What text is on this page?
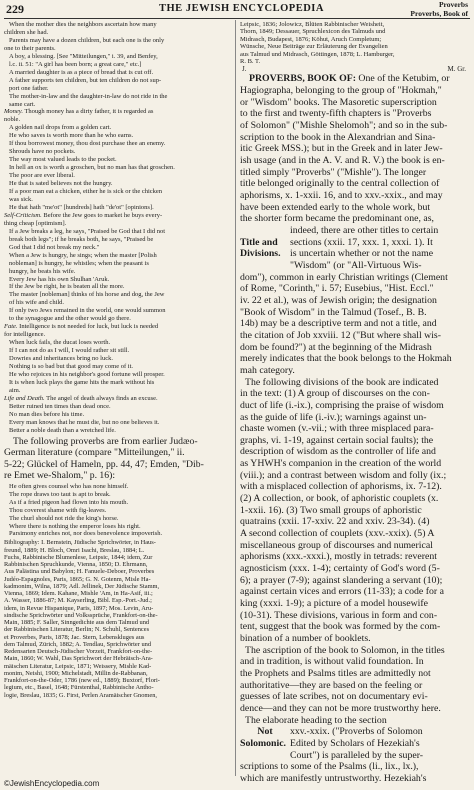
229	THE JEWISH ENCYCLOPEDIA	Proverbs
Proverbs, Book of

When the mother dies the neighbors ascertain how many

children she had.

Parents may have a dozen children, but each one is the only

one to their parents.

A boy, a blessing. [See "Mitteilungen," i. 39, and Benfey,

l.c. ii. 51: "A girl has been born; a great care," etc.]

A married daughter is as a piece of bread that is cut off.

A father supports ten children, but ten children do not sup-

port one father.

The mother-in-law and the daughter-in-law do not ride in the

same cart.

Money. Though money has a dirty father, it is regarded as

noble.

A golden nail drops from a golden cart.

He who saves is worth more than he who earns.

If thou borrowest money, thou dost purchase thee an enemy.

Shrouds have no pockets.

The way most valued leads to the pocket.

In hell an ox is worth a groschen, but no man has that groschen.

The poor are ever liberal.

He that is sated believes not the hungry.

If a poor man eat a chicken, either he is sick or the chicken

was sick.

He that hath "me'ot" [hundreds] hath "de'ot" [opinions].

Self-Criticism. Before the Jew goes to market he buys every-

thing cheap [optimism].

If a Jew breaks a leg, he says, "Praised be God that I did not

break both legs"; if he breaks both, he says, "Praised be

God that I did not break my neck."

When a Jew is hungry, he sings; when the master [Polish

nobleman] is hungry, he whistles; when the peasant is

hungry, he beats his wife.

Every Jew has his own Shulhan 'Aruk.

If the Jew be right, he is beaten all the more.

The master [nobleman] thinks of his horse and dog, the Jew

of his wife and child.

If only two Jews remained in the world, one would summon

to the synagogue and the other would go there.

Fate. Intelligence is not needed for luck, but luck is needed

for intelligence.

When luck fails, the ducat loses worth.

If I can not do as I will, I would rather sit still.

Dowries and inheritances bring no luck.

Nothing is so bad but that good may come of it.

He who rejoices in his neighbor's good fortune will prosper.

It is when luck plays the game hits the mark without his

aim.

Life and Death. The angel of death always finds an excuse.

Better ruined ten times than dead once.

No man dies before his time.

Every man knows that he must die, but no one believes it.

Better a noble death than a wretched life.

The following proverbs are from earlier Judæo-

German literature (compare "Mitteilungen," ii.

5-22; Glückel of Hameln, pp. 44, 47; Emden, "Dib-

re Emet we-Shalom," p. 16):

He often gives counsel who has none himself.

The rope draws too taut is apt to break.

As if a fried pigeon had flown into his mouth.

Thou coverest shame with fig-leaves.

The churl should not ride the king's horse.

Where there is nothing the emperor loses his right.

Parsimony enriches not, nor does benevolence impoverish.

Bibliography: I. Bernstein, Jüdische Sprichwörter, in Haus-

freund, 1889; H. Bloch, Omri Isachi, Breslau, 1884; L.

Fuchs, Rabbinische Blumenlese, Leipsic, 1844; idem, Zur

Rabbinischen Spruchkunde, Vienna, 1850; D. Ehrmann,

Aus Palästina und Babylon; H. Fanuele-Deboer, Proverbes

Judéo-Espagnoles, Paris, 1865; G. N. Gotenm, Misle Ha-

kadmonim, Wilna, 1879; Adl. Jellinek, Der Jüdische Stamm,

Vienna, 1869; Idem. Kahane, Mishle 'Am, in Ha-Asif, iii.;

A. Wasser, 1886-87; M. Kayserling, Bibl. Esp.-Port.-Jud.;

idem, in Revue Hispanique, Paris, 1897; Mos. Levin, Aru-

sindische Sprichwörter und Volkssprüche, Frankfort-on-the-

Main, 1885; F. Saller, Sinngedichte aus dem Talmud und

der Rabbinischen Literatur, Berlin; N. Schuhl, Sentences

et Proverbes, Paris, 1878; Jac. Stern, Lebenskluges aus

dem Talmud, Zürich, 1882; A. Tendlau, Sprichwörter und

Redensarten Deutsch-Jüdischer Vorzeit, Frankfort-on-the-

Main, 1860; W. Wahl, Das Sprichwort der Hebräisch-Ara-

mäischen Literatur, Leipsic, 1871; Weissery, Mishle Kad-

monim, Neishi, 1900; Michelstadt, Millin de-Rabbanan,

Frankfort-on-the-Oder, 1786 (new ed., 1889); Buxtorf, Flori-

legium, etc., Basel, 1648; Fürstenthal, Rabbinische Antho-

logie, Breslau, 1835; G. First, Perlen Aramäischer Gnomen,

Leipsic, 1836; Jolowicz, Blüten Rabbinischer Weisheit,

Thorn, 1849; Dessauer, Spruchlexicon des Talmuds und

Midrasch, Budapest, 1876; Köhut, Aruch Completum;

Wünsche, Neue Beiträge zur Erläuterung der Evangelien

aus Talmud und Midrasch, Göttingen, 1878; L. Hamburger,

R. B. T.

J.	M. Gr.

PROVERBS, BOOK OF: One of the Ketubim, or

Hagiographa, belonging to the group of "Hokmah,"

or "Wisdom" books. The Masoretic superscription

to the first and twenty-fifth chapters is "Proverbs

of Solomon" ("Mishle Shelomoh"; and so in the sub-

scription to the book in the Alexandrian and Sina-

itic Greek MSS.); but in the Greek and in later Jew-

ish usage (and in the A. V. and R. V.) the book is en-

titled simply "Proverbs" ("Mishle"). The longer

title belonged originally to the central collection of

aphorisms, x. 1-xxii. 16, and to xxv.-xxix., and may

have been extended early to the whole work, but

the shorter form became the predominant one, as,

Title and
Divisions.

indeed, there are other titles to certain

sections (xxii. 17, xxx. 1, xxxi. 1). It

is uncertain whether or not the name

"Wisdom" (or "All-Virtuous Wis-

dom"), common in early Christian writings (Clement

of Rome, "Corinth," i. 57; Eusebius, "Hist. Eccl."

iv. 22 et al.), was of Jewish origin; the designation

"Book of Wisdom" in the Talmud (Tosef., B. B.

14b) may be a descriptive term and not a title, and

the citation of Job xxviii. 12 ("But where shall wis-

dom be found?") at the beginning of the Midrash

merely indicates that the book belongs to the Hokmah

mah category.

The following divisions of the book are indicated

in the text: (1) A group of discourses on the con-

duct of life (i.-ix.), comprising the praise of wisdom

as the guide of life (i.-iv.); warnings against un-

chaste women (v.-vii.; with three misplaced para-

graphs, vi. 1-19, against certain social faults); the

description of wisdom as the controller of life and

as YHWH's companion in the creation of the world

(viii.); and a contrast between wisdom and folly (ix.;

with a misplaced collection of aphorisms, ix. 7-12).

(2) A collection, or book, of aphoristic couplets (x.

1-xxii. 16). (3) Two small groups of aphoristic

quatrains (xxii. 17-xxiv. 22 and xxiv. 23-34). (4)

A second collection of couplets (xxv.-xxix). (5) A

miscellaneous group of discourses and numerical

aphorisms (xxx.-xxxi.), mostly in tetrads: reverent

agnosticism (xxx. 1-4); certainty of God's word (5-

6); a prayer (7-9); against slandering a servant (10);

against certain vices and errors (11-33); a code for a

king (xxxi. 1-9); a picture of a model housewife

(10-31). These divisions, various in form and con-

tent, suggest that the book was formed by the com-

bination of a number of booklets.

The ascription of the book to Solomon, in the titles

and in tradition, is without valid foundation. In

the Prophets and Psalms titles are admittedly not

authoritative—they are based on the feeling or

guesses of late scribes, not on documentary evi-

dence—and they can not be more trustworthy here.

The elaborate heading to the section

Not
Solomonic.

xxv.-xxix. ("Proverbs of Solomon

Edited by Scholars of Hezekiah's

Court") is paralleled by the super-

scriptions to some of the Psalms (li., lix., lx.),

which are manifestly untrustworthy. Hezekiah's

©JewishEncyclopedia.com
